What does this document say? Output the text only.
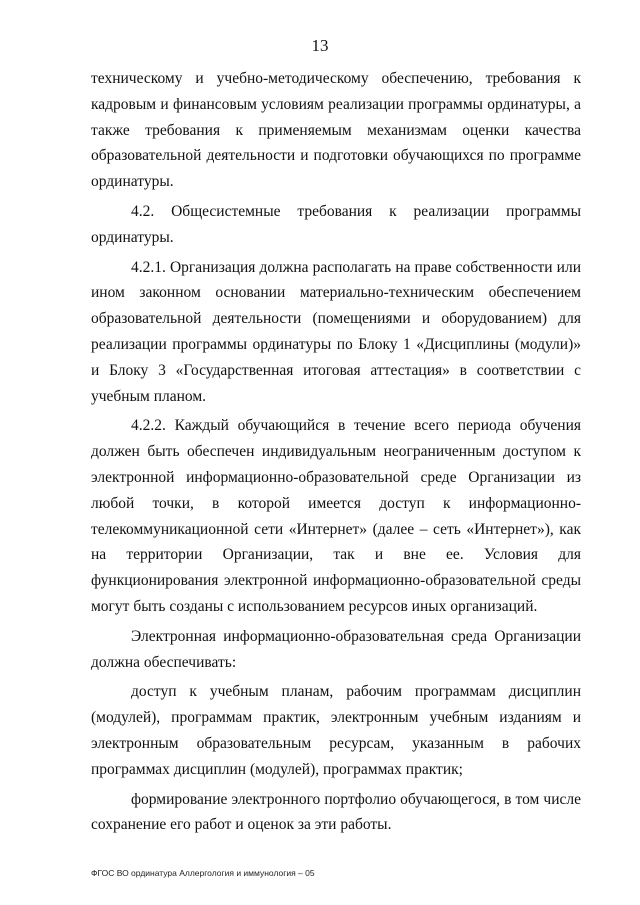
13

техническому и учебно-методическому обеспечению, требования к кадровым и финансовым условиям реализации программы ординатуры, а также требования к применяемым механизмам оценки качества образовательной деятельности и подготовки обучающихся по программе ординатуры.

4.2. Общесистемные требования к реализации программы ординатуры.

4.2.1. Организация должна располагать на праве собственности или ином законном основании материально-техническим обеспечением образовательной деятельности (помещениями и оборудованием) для реализации программы ординатуры по Блоку 1 «Дисциплины (модули)» и Блоку 3 «Государственная итоговая аттестация» в соответствии с учебным планом.

4.2.2. Каждый обучающийся в течение всего периода обучения должен быть обеспечен индивидуальным неограниченным доступом к электронной информационно-образовательной среде Организации из любой точки, в которой имеется доступ к информационно-телекоммуникационной сети «Интернет» (далее – сеть «Интернет»), как на территории Организации, так и вне ее. Условия для функционирования электронной информационно-образовательной среды могут быть созданы с использованием ресурсов иных организаций.

Электронная информационно-образовательная среда Организации должна обеспечивать:

доступ к учебным планам, рабочим программам дисциплин (модулей), программам практик, электронным учебным изданиям и электронным образовательным ресурсам, указанным в рабочих программах дисциплин (модулей), программах практик;

формирование электронного портфолио обучающегося, в том числе сохранение его работ и оценок за эти работы.

ФГОС ВО ординатура Аллергология и иммунология – 05
